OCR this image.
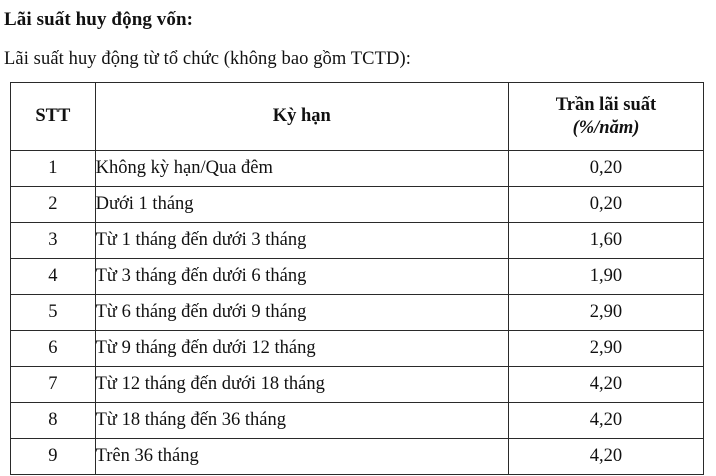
Lãi suất huy động vốn:
Lãi suất huy động từ tổ chức (không bao gồm TCTD):
STT	Kỳ hạn	Trần lãi suất
(%/năm)
1	Không kỳ hạn/Qua đêm	0,20
2	Dưới 1 tháng	0,20
3	Từ 1 tháng đến dưới 3 tháng	1,60
4	Từ 3 tháng đến dưới 6 tháng	1,90
5	Từ 6 tháng đến dưới 9 tháng	2,90
6	Từ 9 tháng đến dưới 12 tháng	2,90
7	Từ 12 tháng đến dưới 18 tháng	4,20
8	Từ 18 tháng đến 36 tháng	4,20
9	Trên 36 tháng	4,20
